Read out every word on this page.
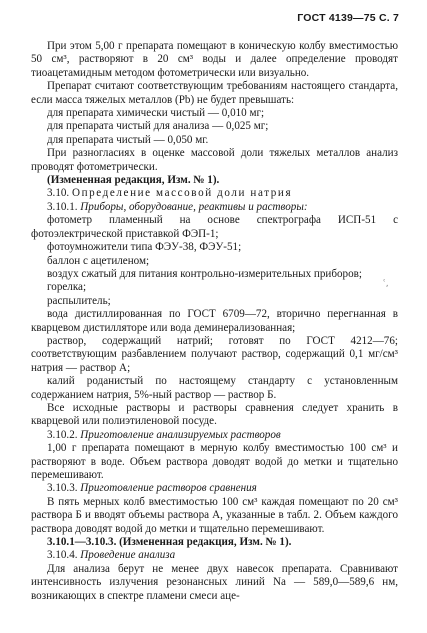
ГОСТ 4139—75 С. 7

При этом 5,00 г препарата помещают в коническую колбу вместимостью 50 см³, растворяют в 20 см³ воды и далее определение проводят тиоацетамидным методом фотометрически или визуально.

Препарат считают соответствующим требованиям настоящего стандарта, если масса тяжелых металлов (Pb) не будет превышать:

для препарата химически чистый — 0,010 мг;

для препарата чистый для анализа — 0,025 мг;

для препарата чистый — 0,050 мг.

При разногласиях в оценке массовой доли тяжелых металлов анализ проводят фотометрически.

(Измененная редакция, Изм. № 1).

3.10. Определение массовой доли натрия

3.10.1. Приборы, оборудование, реактивы и растворы:

фотометр пламенный на основе спектрографа ИСП-51 с фотоэлектрической приставкой ФЭП-1;

фотоумножители типа ФЭУ-38, ФЭУ-51;

баллон с ацетиленом;

воздух сжатый для питания контрольно-измерительных приборов;

горелка;

распылитель;

вода дистиллированная по ГОСТ 6709—72, вторично перегнанная в кварцевом дистилляторе или вода деминерализованная;

раствор, содержащий натрий; готовят по ГОСТ 4212—76; соответствующим разбавлением получают раствор, содержащий 0,1 мг/см³ натрия — раствор А;

калий роданистый по настоящему стандарту с установленным содержанием натрия, 5%-ный раствор — раствор Б.

Все исходные растворы и растворы сравнения следует хранить в кварцевой или полиэтиленовой посуде.

3.10.2. Приготовление анализируемых растворов

1,00 г препарата помещают в мерную колбу вместимостью 100 см³ и растворяют в воде. Объем раствора доводят водой до метки и тщательно перемешивают.

3.10.3. Приготовление растворов сравнения

В пять мерных колб вместимостью 100 см³ каждая помещают по 20 см³ раствора Б и вводят объемы раствора А, указанные в табл. 2. Объем каждого раствора доводят водой до метки и тщательно перемешивают.

3.10.1—3.10.3. (Измененная редакция, Изм. № 1).

3.10.4. Проведение анализа

Для анализа берут не менее двух навесок препарата. Сравнивают интенсивность излучения резонансных линий Na — 589,0—589,6 нм, возникающих в спектре пламени смеси аце-

ʿ,
